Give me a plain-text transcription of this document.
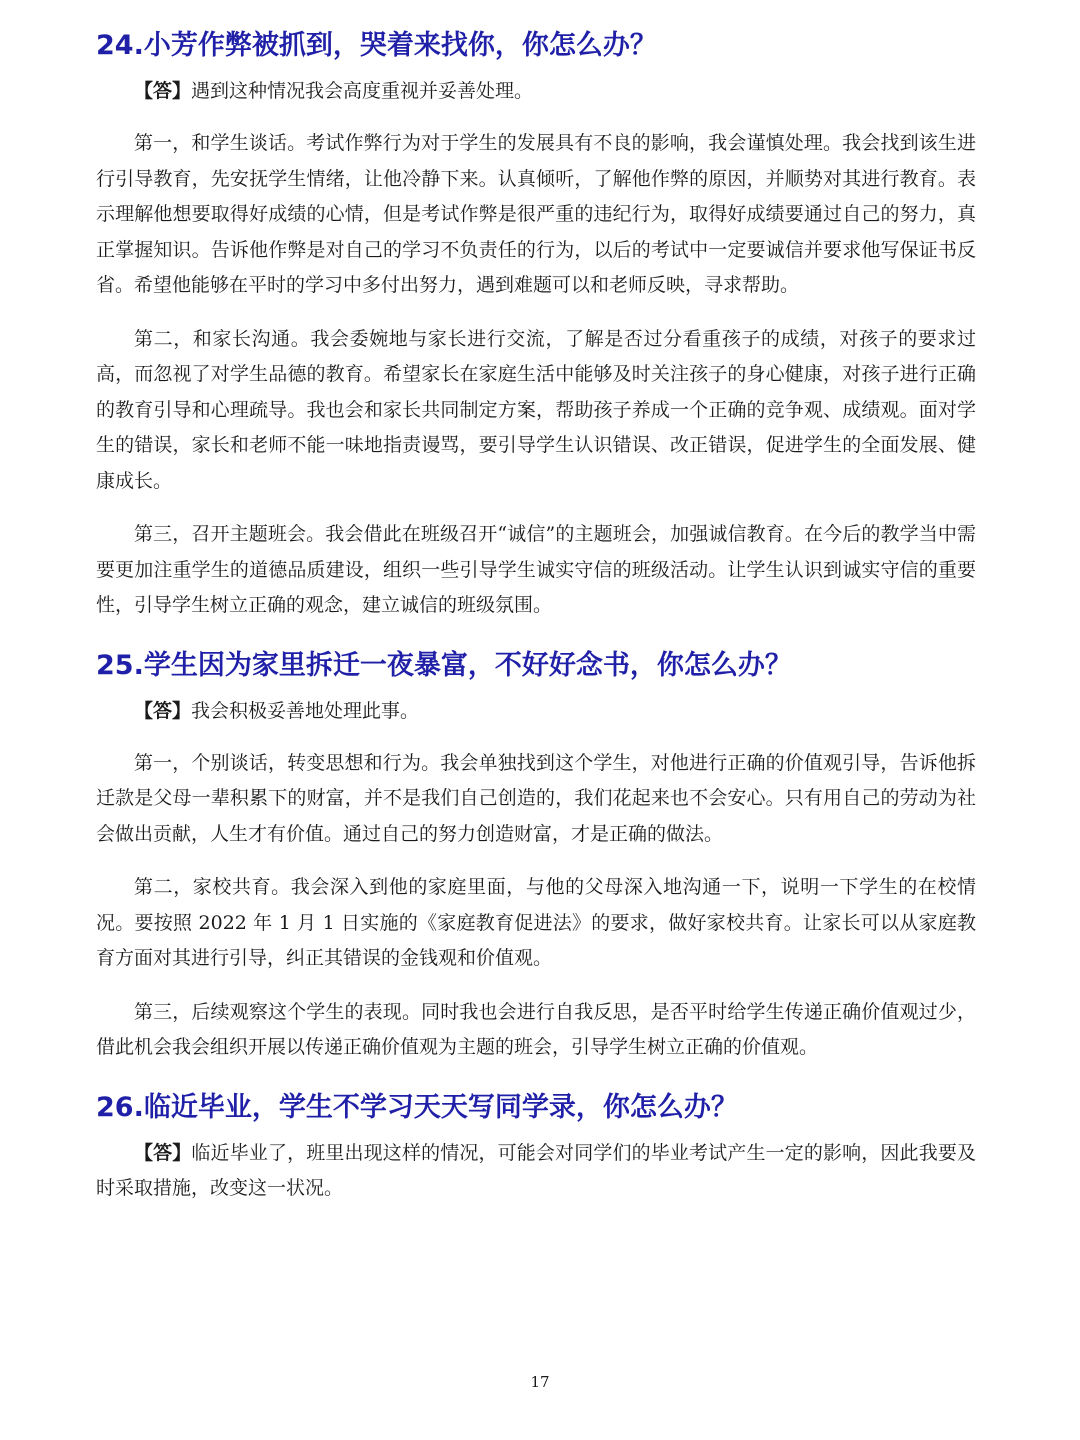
24.小芳作弊被抓到，哭着来找你，你怎么办？

【答】遇到这种情况我会高度重视并妥善处理。

第一，和学生谈话。考试作弊行为对于学生的发展具有不良的影响，我会谨慎处理。我会找到该生进行引导教育，先安抚学生情绪，让他冷静下来。认真倾听，了解他作弊的原因，并顺势对其进行教育。表示理解他想要取得好成绩的心情，但是考试作弊是很严重的违纪行为，取得好成绩要通过自己的努力，真正掌握知识。告诉他作弊是对自己的学习不负责任的行为，以后的考试中一定要诚信并要求他写保证书反省。希望他能够在平时的学习中多付出努力，遇到难题可以和老师反映，寻求帮助。

第二，和家长沟通。我会委婉地与家长进行交流，了解是否过分看重孩子的成绩，对孩子的要求过高，而忽视了对学生品德的教育。希望家长在家庭生活中能够及时关注孩子的身心健康，对孩子进行正确的教育引导和心理疏导。我也会和家长共同制定方案，帮助孩子养成一个正确的竞争观、成绩观。面对学生的错误，家长和老师不能一味地指责谩骂，要引导学生认识错误、改正错误，促进学生的全面发展、健康成长。

第三，召开主题班会。我会借此在班级召开“诚信”的主题班会，加强诚信教育。在今后的教学当中需要更加注重学生的道德品质建设，组织一些引导学生诚实守信的班级活动。让学生认识到诚实守信的重要性，引导学生树立正确的观念，建立诚信的班级氛围。

25.学生因为家里拆迁一夜暴富，不好好念书，你怎么办？

【答】我会积极妥善地处理此事。

第一，个别谈话，转变思想和行为。我会单独找到这个学生，对他进行正确的价值观引导，告诉他拆迁款是父母一辈积累下的财富，并不是我们自己创造的，我们花起来也不会安心。只有用自己的劳动为社会做出贡献，人生才有价值。通过自己的努力创造财富，才是正确的做法。

第二，家校共育。我会深入到他的家庭里面，与他的父母深入地沟通一下，说明一下学生的在校情况。要按照 2022 年 1 月 1 日实施的《家庭教育促进法》的要求，做好家校共育。让家长可以从家庭教育方面对其进行引导，纠正其错误的金钱观和价值观。

第三，后续观察这个学生的表现。同时我也会进行自我反思，是否平时给学生传递正确价值观过少，借此机会我会组织开展以传递正确价值观为主题的班会，引导学生树立正确的价值观。

26.临近毕业，学生不学习天天写同学录，你怎么办？

【答】临近毕业了，班里出现这样的情况，可能会对同学们的毕业考试产生一定的影响，因此我要及时采取措施，改变这一状况。

17
